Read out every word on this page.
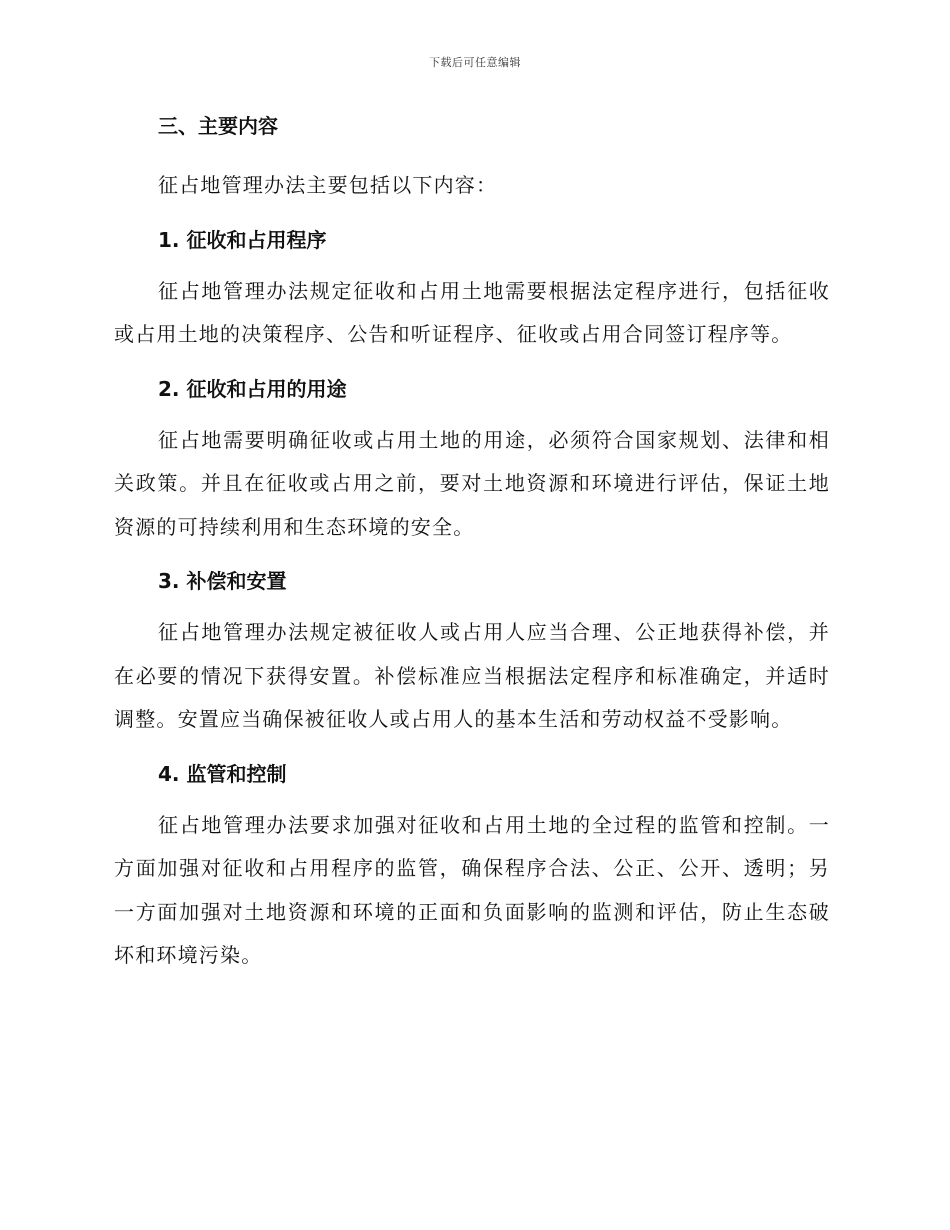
下载后可任意编辑
三、主要内容

征占地管理办法主要包括以下内容：

1. 征收和占用程序

征占地管理办法规定征收和占用土地需要根据法定程序进行，包括征收或占用土地的决策程序、公告和听证程序、征收或占用合同签订程序等。

2. 征收和占用的用途

征占地需要明确征收或占用土地的用途，必须符合国家规划、法律和相关政策。并且在征收或占用之前，要对土地资源和环境进行评估，保证土地资源的可持续利用和生态环境的安全。

3. 补偿和安置

征占地管理办法规定被征收人或占用人应当合理、公正地获得补偿，并在必要的情况下获得安置。补偿标准应当根据法定程序和标准确定，并适时调整。安置应当确保被征收人或占用人的基本生活和劳动权益不受影响。

4. 监管和控制

征占地管理办法要求加强对征收和占用土地的全过程的监管和控制。一方面加强对征收和占用程序的监管，确保程序合法、公正、公开、透明；另一方面加强对土地资源和环境的正面和负面影响的监测和评估，防止生态破坏和环境污染。
